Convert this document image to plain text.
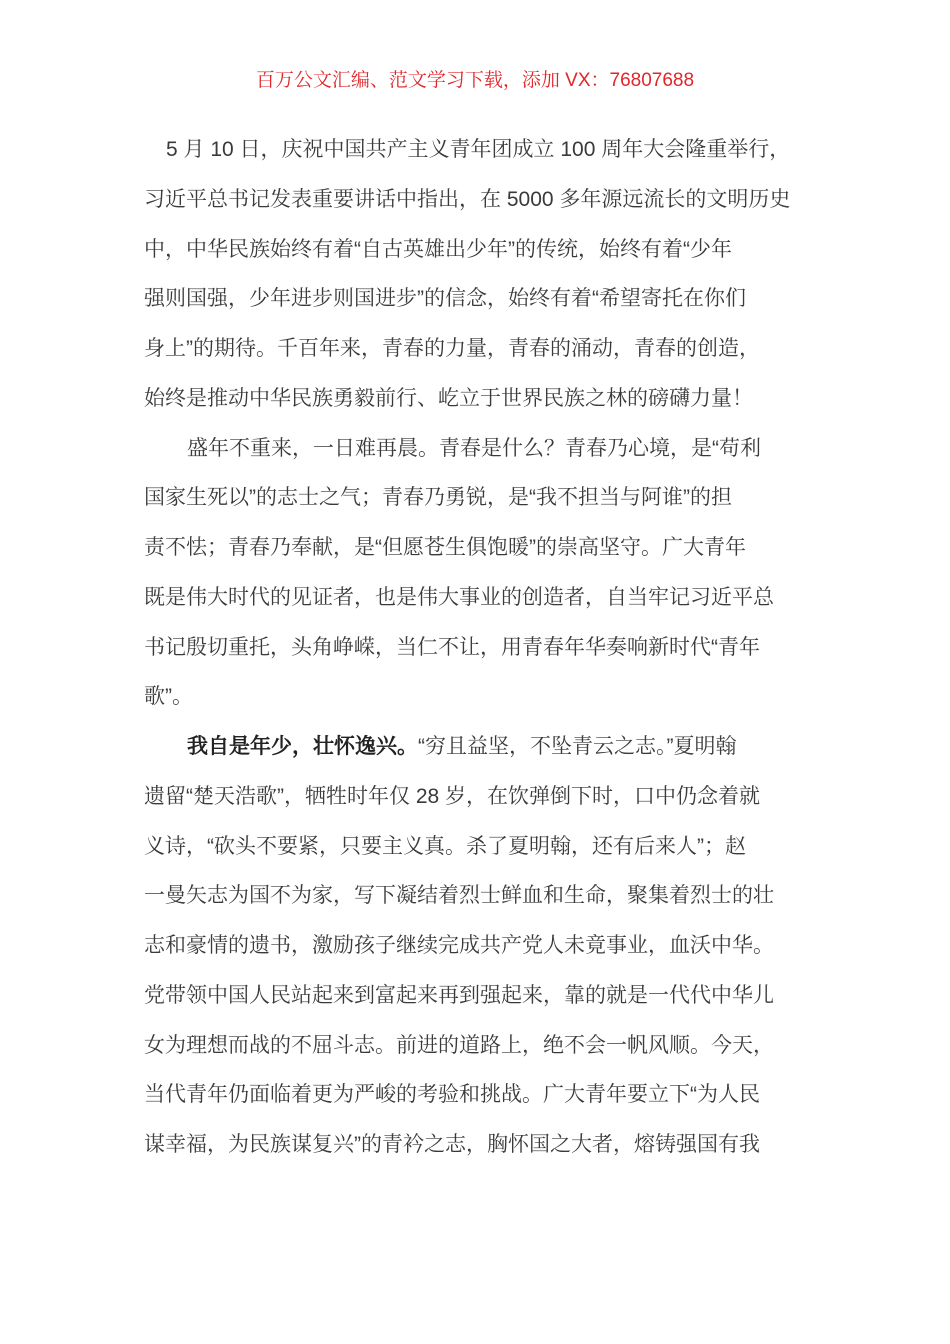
百万公文汇编、范文学习下载，添加 VX：76807688
5 月 10 日，庆祝中国共产主义青年团成立 100 周年大会隆重举行，
习近平总书记发表重要讲话中指出，在 5000 多年源远流长的文明历史
中，中华民族始终有着“自古英雄出少年”的传统，始终有着“少年
强则国强，少年进步则国进步”的信念，始终有着“希望寄托在你们
身上”的期待。千百年来，青春的力量，青春的涌动，青春的创造，
始终是推动中华民族勇毅前行、屹立于世界民族之林的磅礴力量！
盛年不重来，一日难再晨。青春是什么？青春乃心境，是“苟利
国家生死以”的志士之气；青春乃勇锐，是“我不担当与阿谁”的担
责不怯；青春乃奉献，是“但愿苍生俱饱暖”的崇高坚守。广大青年
既是伟大时代的见证者，也是伟大事业的创造者，自当牢记习近平总
书记殷切重托，头角峥嵘，当仁不让，用青春年华奏响新时代“青年
歌”。
我自是年少，壮怀逸兴。“穷且益坚，不坠青云之志。”夏明翰
遗留“楚天浩歌”，牺牲时年仅 28 岁，在饮弹倒下时，口中仍念着就
义诗，“砍头不要紧，只要主义真。杀了夏明翰，还有后来人”；赵
一曼矢志为国不为家，写下凝结着烈士鲜血和生命，聚集着烈士的壮
志和豪情的遗书，激励孩子继续完成共产党人未竟事业，血沃中华。
党带领中国人民站起来到富起来再到强起来，靠的就是一代代中华儿
女为理想而战的不屈斗志。前进的道路上，绝不会一帆风顺。今天，
当代青年仍面临着更为严峻的考验和挑战。广大青年要立下“为人民
谋幸福，为民族谋复兴”的青衿之志，胸怀国之大者，熔铸强国有我
